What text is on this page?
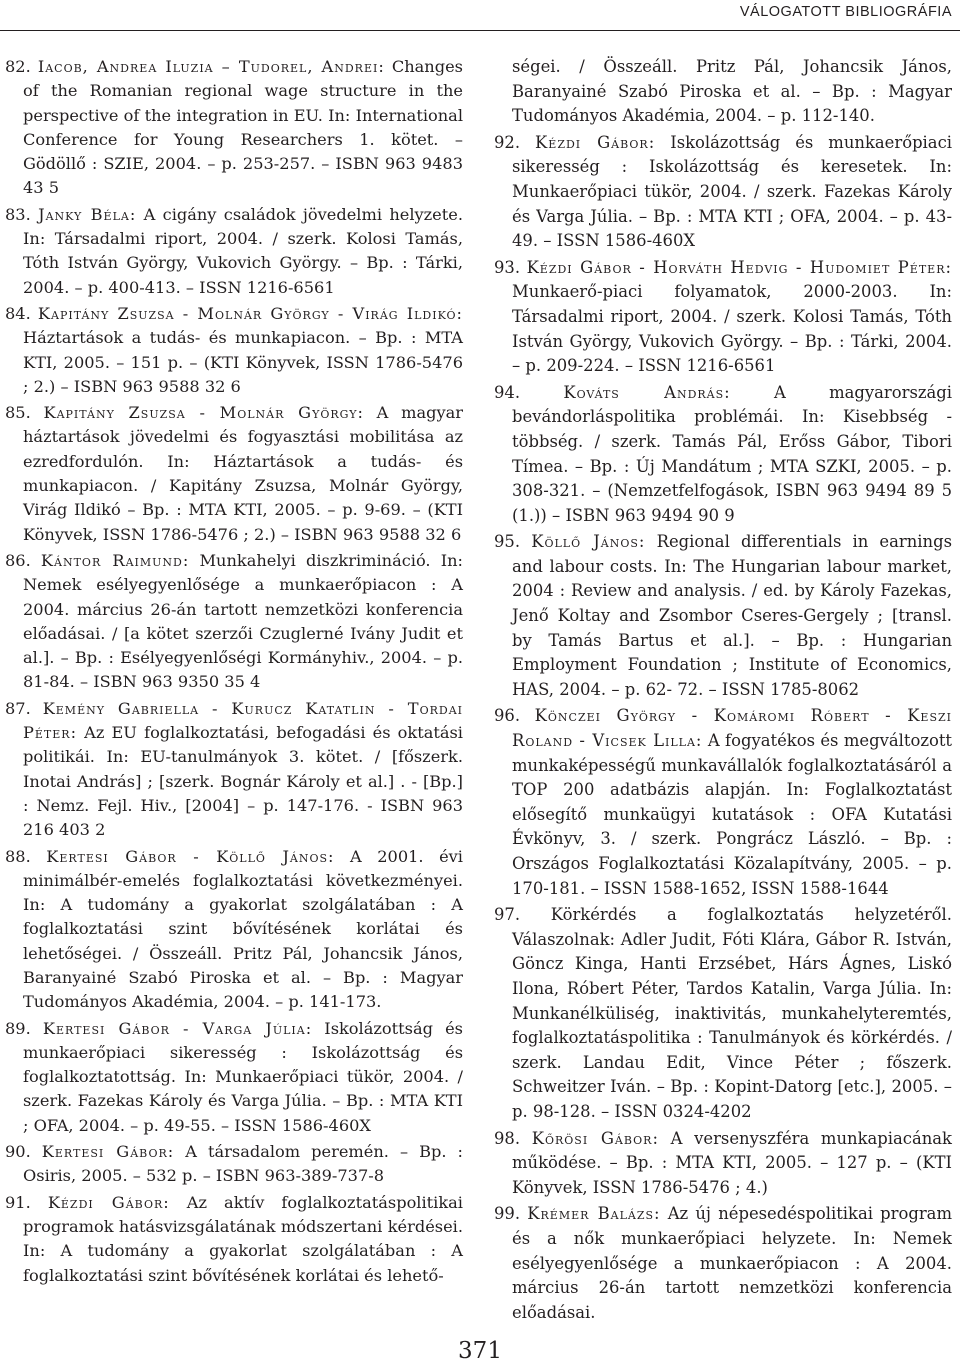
VÁLOGATOTT BIBLIOGRÁFIA

82. Iacob, Andrea Iluzia – Tudorel, Andrei: Changes of the Romanian regional wage structure in the perspective of the integration in EU. In: International Conference for Young Researchers 1. kötet. – Gödöllő : SZIE, 2004. – p. 253-257. – ISBN 963 9483 43 5

83. Janky Béla: A cigány családok jövedelmi helyzete. In: Társadalmi riport, 2004. / szerk. Kolosi Tamás, Tóth István György, Vukovich György. – Bp. : Tárki, 2004. – p. 400-413. – ISSN 1216-6561

84. Kapitány Zsuzsa - Molnár György - Virág Ildikó: Háztartások a tudás- és munkapiacon. – Bp. : MTA KTI, 2005. – 151 p. – (KTI Könyvek, ISSN 1786-5476 ; 2.) – ISBN 963 9588 32 6

85. Kapitány Zsuzsa - Molnár György: A magyar háztartások jövedelmi és fogyasztási mobilitása az ezredfordulón. In: Háztartások a tudás- és munkapiacon. / Kapitány Zsuzsa, Molnár György, Virág Ildikó – Bp. : MTA KTI, 2005. – p. 9-69. – (KTI Könyvek, ISSN 1786-5476 ; 2.) – ISBN 963 9588 32 6

86. Kántor Raimund: Munkahelyi diszkrimináció. In: Nemek esélyegyenlősége a munkaerőpiacon : A 2004. március 26-án tartott nemzetközi konferencia előadásai. / [a kötet szerzői Czuglerné Ivány Judit et al.]. – Bp. : Esélyegyenlőségi Kormányhiv., 2004. – p. 81-84. – ISBN 963 9350 35 4

87. Kemény Gabriella - Kurucz Katatlin - Tordai Péter: Az EU foglalkoztatási, befogadási és oktatási politikái. In: EU-tanulmányok 3. kötet. / [főszerk. Inotai András] ; [szerk. Bognár Károly et al.] . - [Bp.] : Nemz. Fejl. Hiv., [2004] – p. 147-176. - ISBN 963 216 403 2

88. Kertesi Gábor - Köllő János: A 2001. évi minimálbér-emelés foglalkoztatási következményei. In: A tudomány a gyakorlat szolgálatában : A foglalkoztatási szint bővítésének korlátai és lehetőségei. / Összeáll. Pritz Pál, Johancsik János, Baranyainé Szabó Piroska et al. – Bp. : Magyar Tudományos Akadémia, 2004. – p. 141-173.

89. Kertesi Gábor - Varga Júlia: Iskolázottság és munkaerőpiaci sikeresség : Iskolázottság és foglalkoztatottság. In: Munkaerőpiaci tükör, 2004. / szerk. Fazekas Károly és Varga Júlia. – Bp. : MTA KTI ; OFA, 2004. – p. 49-55. – ISSN 1586-460X

90. Kertesi Gábor: A társadalom peremén. – Bp. : Osiris, 2005. – 532 p. – ISBN 963-389-737-8

91. Kézdi Gábor: Az aktív foglalkoztatáspolitikai programok hatásvizsgálatának módszertani kérdései. In: A tudomány a gyakorlat szolgálatában : A foglalkoztatási szint bővítésének korlátai és lehető-

ségei. / Összeáll. Pritz Pál, Johancsik János, Baranyainé Szabó Piroska et al. – Bp. : Magyar Tudományos Akadémia, 2004. – p. 112-140.

92. Kézdi Gábor: Iskolázottság és munkaerőpiaci sikeresség : Iskolázottság és keresetek. In: Munkaerőpiaci tükör, 2004. / szerk. Fazekas Károly és Varga Júlia. – Bp. : MTA KTI ; OFA, 2004. – p. 43-49. – ISSN 1586-460X

93. Kézdi Gábor - Horváth Hedvig - Hudomiet Péter: Munkaerő-piaci folyamatok, 2000-2003. In: Társadalmi riport, 2004. / szerk. Kolosi Tamás, Tóth István György, Vukovich György. – Bp. : Tárki, 2004. – p. 209-224. – ISSN 1216-6561

94.	Kováts András:	A magyarországi bevándorláspolitika problémái. In: Kisebbség - többség. / szerk. Tamás Pál, Erőss Gábor, Tibori Tímea. – Bp. : Új Mandátum ; MTA SZKI, 2005. – p. 308-321. – (Nemzetfelfogások, ISBN 963 9494 89 5 (1.)) – ISBN 963 9494 90 9

95. Köllő János: Regional differentials in earnings and labour costs. In: The Hungarian labour market, 2004 : Review and analysis. / ed. by Károly Fazekas, Jenő Koltay and Zsombor Cseres-Gergely ; [transl. by Tamás Bartus et al.]. – Bp. : Hungarian Employment Foundation ; Institute of Economics, HAS, 2004. – p. 62- 72. – ISSN 1785-8062

96. Könczei György - Komáromi Róbert - Keszi Roland - Vicsek Lilla: A fogyatékos és megváltozott munkaképességű munkavállalók foglalkoztatásáról a TOP 200 adatbázis alapján. In: Foglalkoztatást elősegítő munkaügyi kutatások : OFA Kutatási Évkönyv, 3. / szerk. Pongrácz László. – Bp. : Országos Foglalkoztatási Közalapítvány, 2005. – p. 170-181. – ISSN 1588-1652, ISSN 1588-1644

97. Körkérdés a foglalkoztatás helyzetéről. Válaszolnak: Adler Judit, Fóti Klára, Gábor R. István, Göncz Kinga, Hanti Erzsébet, Hárs Ágnes, Liskó Ilona, Róbert Péter, Tardos Katalin, Varga Júlia. In: Munkanélküliség, inaktivitás, munkahelyteremtés, foglalkoztatáspolitika : Tanulmányok és körkérdés. / szerk. Landau Edit, Vince Péter ; főszerk. Schweitzer Iván. – Bp. : Kopint-Datorg [etc.], 2005. – p. 98-128. – ISSN 0324-4202

98. Kőrösi Gábor: A versenyszféra munkapiacának működése. – Bp. : MTA KTI, 2005. – 127 p. – (KTI Könyvek, ISSN 1786-5476 ; 4.)

99. Krémer Balázs: Az új népesedéspolitikai program és a nők munkaerőpiaci helyzete. In: Nemek esélyegyenlősége a munkaerőpiacon : A 2004. március 26-án tartott nemzetközi konferencia előadásai.

371
